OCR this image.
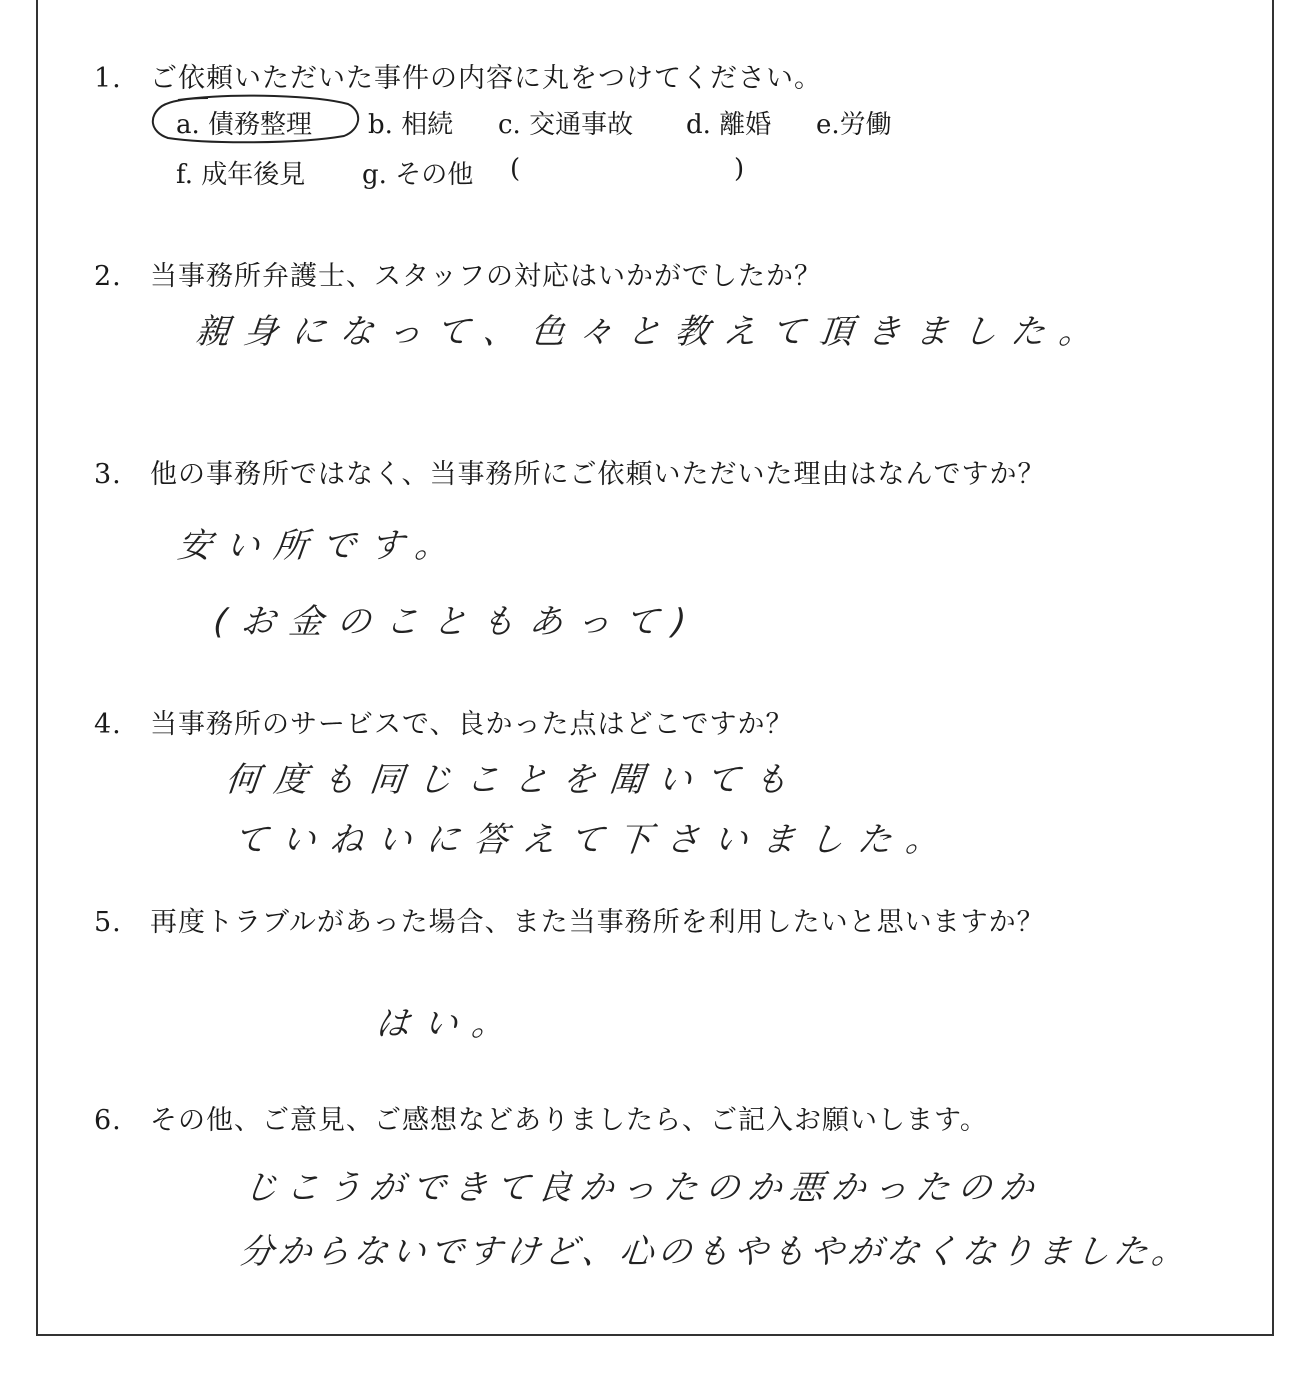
1. ご依頼いただいた事件の内容に丸をつけてください。
a. 債務整理 b. 相続 c. 交通事故 d. 離婚 e.労働
f. 成年後見 g. その他 (	)
2. 当事務所弁護士、スタッフの対応はいかがでしたか？
親身になって、色々と教えて頂きました。
3. 他の事務所ではなく、当事務所にご依頼いただいた理由はなんですか？
安い所です。
(お金のこともあって)
4. 当事務所のサービスで、良かった点はどこですか？
何度も同じことを聞いても
ていねいに答えて下さいました。
5. 再度トラブルがあった場合、また当事務所を利用したいと思いますか？
はい。
6. その他、ご意見、ご感想などありましたら、ご記入お願いします。
じこうができて良かったのか悪かったのか
分からないですけど、心のもやもやがなくなりました。
